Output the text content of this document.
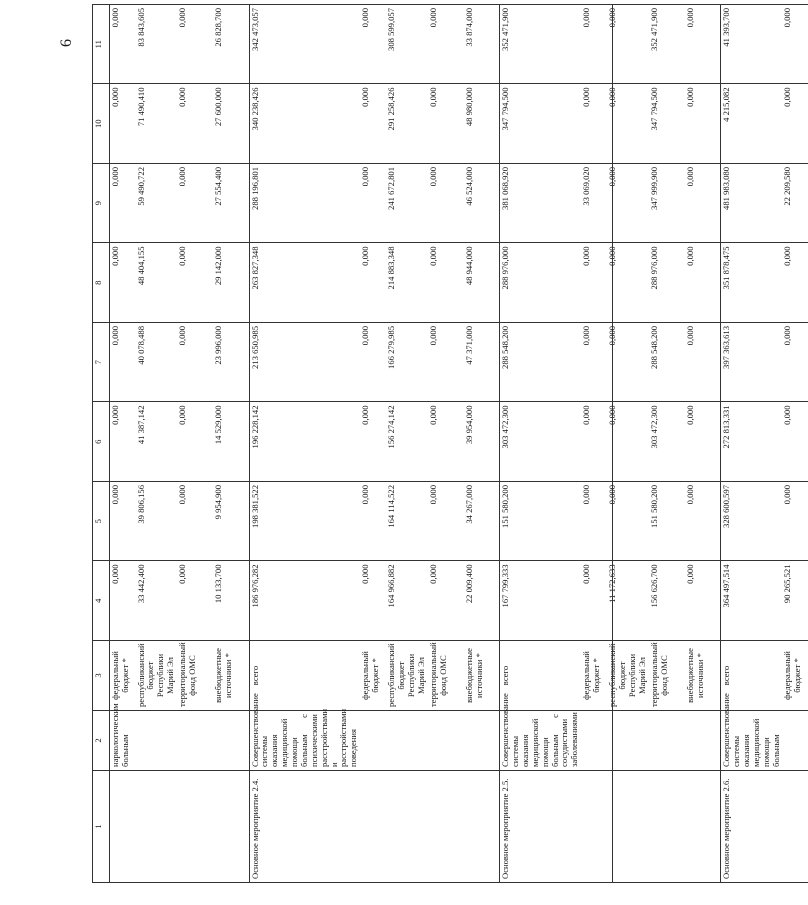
6
1	2	3	4	5	6	7	8	9	10	11
	наркологическим больным	федеральный бюджет *	0,000	0,000	0,000	0,000	0,000	0,000	0,000	0,000
		республиканский бюджет Республики Марий Эл	33 442,400	39 806,156	41 387,142	40 078,488	48 404,155	59 490,722	71 490,410	83 843,605
		территориальный фонд ОМС	0,000	0,000	0,000	0,000	0,000	0,000	0,000	0,000
		внебюджетные источники *	10 133,700	9 954,900	14 529,000	23 996,000	29 142,000	27 554,400	27 600,000	26 828,700
Основное мероприятие 2.4.	Совершенствование системы оказания медицинской помощи больным с психическими расстройствами и расстройствами поведения	всего	186 976,282	198 381,522	196 228,142	213 650,985	263 827,348	288 196,801	340 238,426	342 473,057
		федеральный бюджет *	0,000	0,000	0,000	0,000	0,000	0,000	0,000	0,000
		республиканский бюджет Республики Марий Эл	164 966,882	164 114,522	156 274,142	166 279,985	214 883,348	241 672,801	291 258,426	308 599,057
		территориальный фонд ОМС	0,000	0,000	0,000	0,000	0,000	0,000	0,000	0,000
		внебюджетные источники *	22 009,400	34 267,000	39 954,000	47 371,000	48 944,000	46 524,000	48 980,000	33 874,000
Основное мероприятие 2.5.	Совершенствование системы оказания медицинской помощи больным с сосудистыми заболеваниями	всего	167 799,333	151 580,200	303 472,300	288 548,200	288 976,000	381 068,920	347 794,500	352 471,900
		федеральный бюджет *	0,000	0,000	0,000	0,000	0,000	33 069,020	0,000	0,000
		республиканский бюджет Республики Марий Эл	11 172,633	0,000	0,000	0,000	0,000	0,000	0,000	0,000
		территориальный фонд ОМС	156 626,700	151 580,200	303 472,300	288 548,200	288 976,000	347 999,900	347 794,500	352 471,900
		внебюджетные источники *	0,000	0,000	0,000	0,000	0,000	0,000	0,000	0,000
Основное мероприятие 2.6.	Совершенствование системы оказания медицинской помощи больным	всего	364 497,514	328 600,597	272 813,331	397 363,613	351 878,475	481 983,080	4 215,082	41 393,700
		федеральный бюджет *	90 265,521	0,000	0,000	0,000	0,000	22 209,580	0,000	0,000
